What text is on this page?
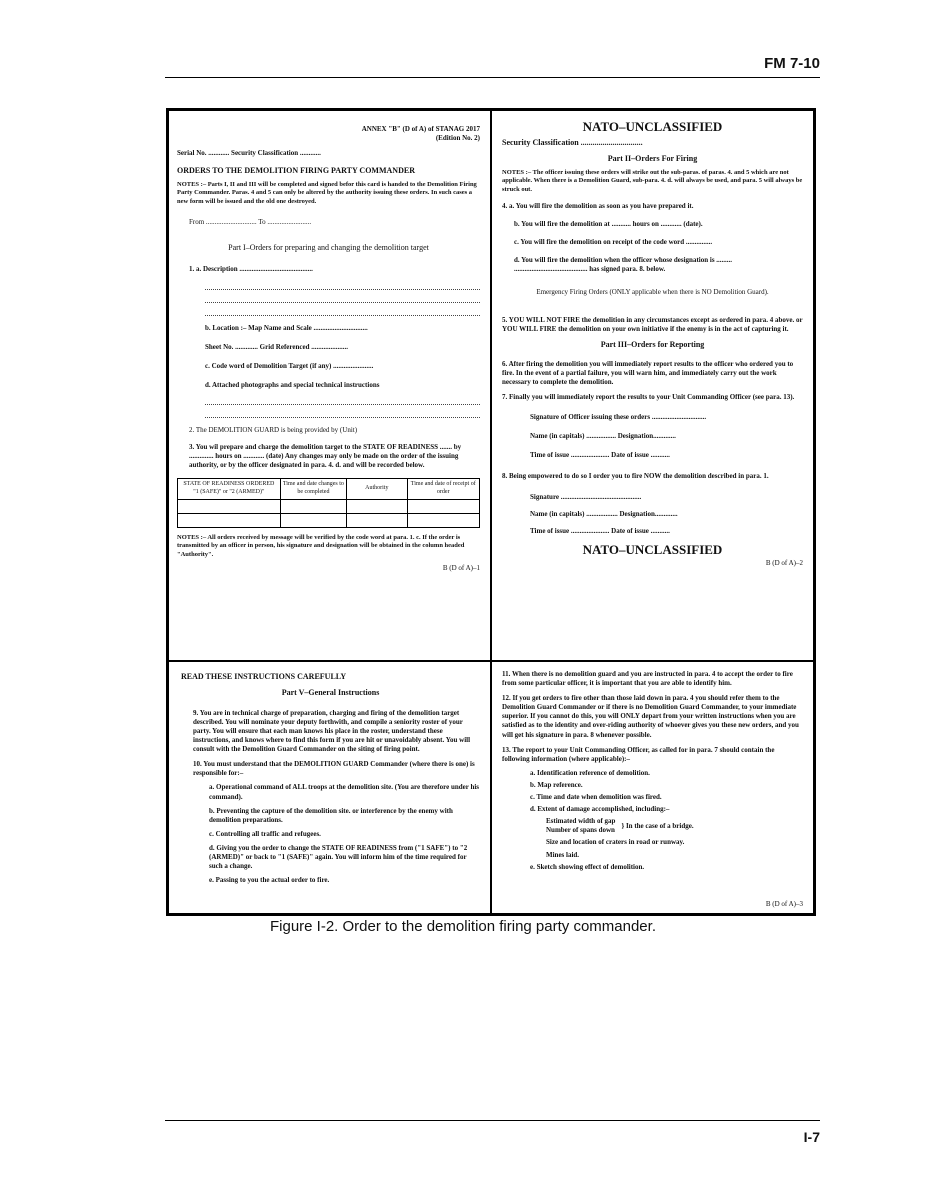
FM 7-10
ANNEX "B" (D of A) of STANAG 2017
(Edition No. 2)
Serial No. ............ Security Classification ............
ORDERS TO THE DEMOLITION FIRING PARTY COMMANDER
NOTES :– Parts I, II and III will be completed and signed befor this card is handed to the Demolition Firing Party Commander. Paras. 4 and 5 can only be altered by the authority issuing these orders. In such cases a new form will be issued and the old one destroyed.
From ............................. To .........................
Part I–Orders for preparing and changing the demolition target
1. a. Description ..........................................
b. Location :– Map Name and Scale ...............................
Sheet No. ............. Grid Referenced .....................
c. Code word of Demolition Target (if any) .......................
d. Attached photographs and special technical instructions
2. The DEMOLITION GUARD is being provided by (Unit)
3. You wil prepare and charge the demolition target to the STATE OF READINESS ....... by .............. hours on ............ (date) Any changes may only be made on the order of the issuing authority, or by the officer designated in para. 4. d. and will be recorded below.
STATE OF READINESS ORDERED "1 (SAFE)" or "2 (ARMED)"	Time and date changes to be completed	Authority	Time and date of receipt of order

NOTES :– All orders received by message will be verified by the code word at para. 1. c. If the order is transmitted by an officer in person, his signature and designation will be obtained in the column headed "Authority".
B (D of A)–1
NATO–UNCLASSIFIED
Security Classification ...............................
Part II–Orders For Firing
NOTES :– The officer issuing these orders will strike out the sub-paras. of paras. 4. and 5 which are not applicable. When there is a Demolition Guard, sub-para. 4. d. will always be used, and para. 5 will always be struck out.
4. a. You will fire the demolition as soon as you have prepared it.
b. You will fire the demolition at ........... hours on ............ (date).
c. You will fire the demolition on receipt of the code word ...............
d. You will fire the demolition when the officer whose designation is ......... .......................................... has signed para. 8. below.
Emergency Firing Orders (ONLY applicable when there is NO Demolition Guard).
5. YOU WILL NOT FIRE the demolition in any circumstances except as ordered in para. 4 above. or YOU WILL FIRE the demolition on your own initiative if the enemy is in the act of capturing it.
Part III–Orders for Reporting
6. After firing the demolition you will immediately report results to the officer who ordered you to fire. In the event of a partial failure, you will warn him, and immediately carry out the work necessary to complete the demolition.
7. Finally you will immediately report the results to your Unit Commanding Officer (see para. 13).
Signature of Officer issuing these orders ...............................
Name (in capitals) ................. Designation.............
Time of issue ...................... Date of issue ...........
8. Being empowered to do so I order you to fire NOW the demolition described in para. 1.
Signature ..............................................
Name (in capitals) .................. Designation.............
Time of issue ...................... Date of issue ...........
NATO–UNCLASSIFIED
B (D of A)–2
READ THESE INSTRUCTIONS CAREFULLY
Part V–General Instructions
9. You are in technical charge of preparation, charging and firing of the demolition target described. You will nominate your deputy forthwith, and compile a seniority roster of your party. You will ensure that each man knows his place in the roster, understand these instructions, and knows where to find this form if you are hit or unavoidably absent. You will consult with the Demolition Guard Commander on the siting of firing point.
10. You must understand that the DEMOLITION GUARD Commander (where there is one) is responsible for:–
a. Operational command of ALL troops at the demolition site. (You are therefore under his command).
b. Preventing the capture of the demolition site. or interference by the enemy with demolition preparations.
c. Controlling all traffic and refugees.
d. Giving you the order to change the STATE OF READINESS from ("1 SAFE") to "2 (ARMED)" or back to "1 (SAFE)" again. You will inform him of the time required for such a change.
e. Passing to you the actual order to fire.
11. When there is no demolition guard and you are instructed in para. 4 to accept the order to fire from some particular officer, it is important that you are able to identify him.
12. If you get orders to fire other than those laid down in para. 4 you should refer them to the Demolition Guard Commander or if there is no Demolition Guard Commander, to your immediate superior. If you cannot do this, you will ONLY depart from your written instructions when you are satisfied as to the identity and over-riding authority of whoever gives you these new orders, and you will get his signature in para. 8 whenever possible.
13. The report to your Unit Commanding Officer, as called for in para. 7 should contain the following information (where applicable):–
a. Identification reference of demolition.
b. Map reference.
c. Time and date when demolition was fired.
d. Extent of damage accomplished, including:–
Estimated width of gap
Number of spans down
} In the case of a bridge.
Size and location of craters in road or runway.
Mines laid.
e. Sketch showing effect of demolition.
B (D of A)–3
Figure I-2. Order to the demolition firing party commander.
I-7
